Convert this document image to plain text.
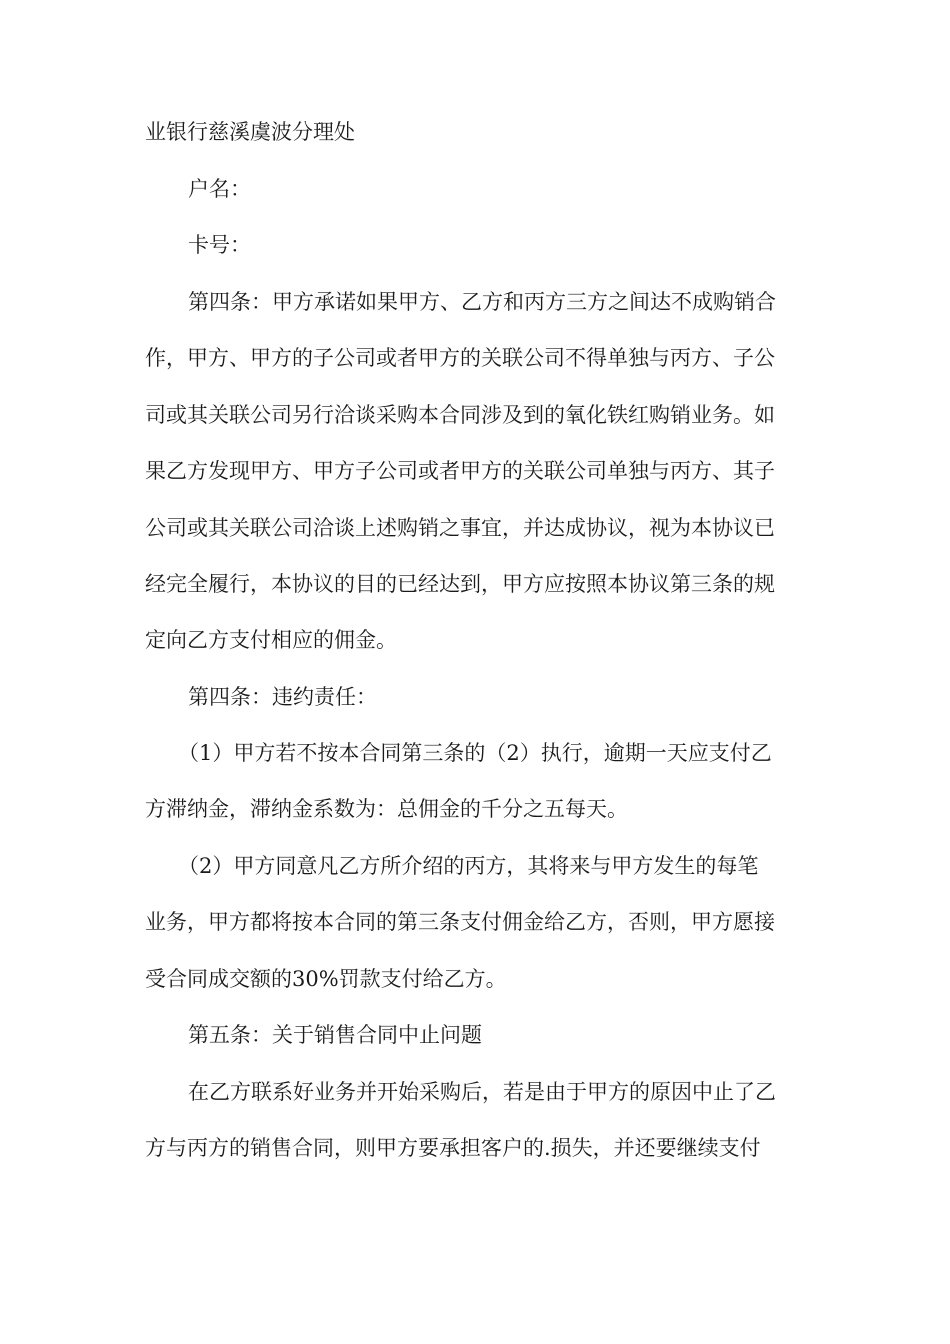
业银行慈溪虞波分理处
户名：
卡号：
第四条：甲方承诺如果甲方、乙方和丙方三方之间达不成购销合
作，甲方、甲方的子公司或者甲方的关联公司不得单独与丙方、子公
司或其关联公司另行洽谈采购本合同涉及到的氧化铁红购销业务。如
果乙方发现甲方、甲方子公司或者甲方的关联公司单独与丙方、其子
公司或其关联公司洽谈上述购销之事宜，并达成协议，视为本协议已
经完全履行，本协议的目的已经达到，甲方应按照本协议第三条的规
定向乙方支付相应的佣金。
第四条：违约责任：
（1）甲方若不按本合同第三条的（2）执行，逾期一天应支付乙
方滞纳金，滞纳金系数为：总佣金的千分之五每天。
（2）甲方同意凡乙方所介绍的丙方，其将来与甲方发生的每笔
业务，甲方都将按本合同的第三条支付佣金给乙方，否则，甲方愿接
受合同成交额的30%罚款支付给乙方。
第五条：关于销售合同中止问题
在乙方联系好业务并开始采购后，若是由于甲方的原因中止了乙
方与丙方的销售合同，则甲方要承担客户的.损失，并还要继续支付
